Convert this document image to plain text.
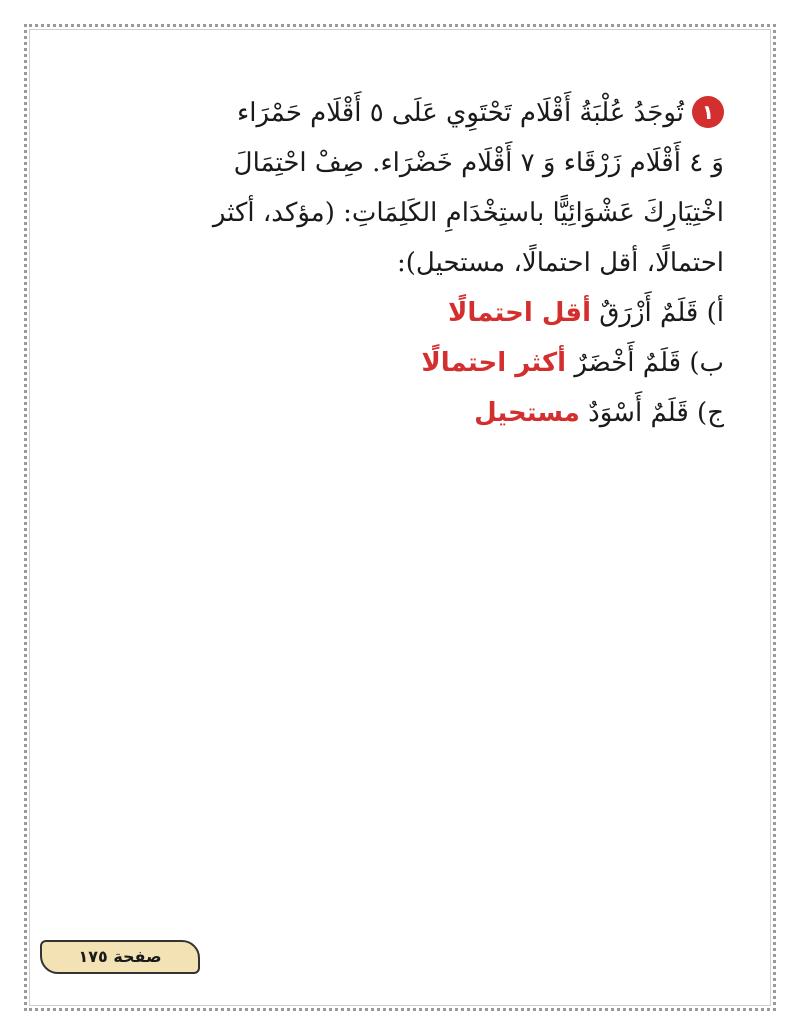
١تُوجَدُ عُلْبَةُ أَقْلَام تَحْتَوِي عَلَى ٥ أَقْلَام حَمْرَاء

وَ ٤ أَقْلَام زَرْقَاء وَ ٧ أَقْلَام خَضْرَاء. صِفْ احْتِمَالَ

اخْتِيَارِكَ عَشْوَائِيًّا باستِخْدَامِ الكَلِمَاتِ: (مؤكد، أكثر

احتمالًا، أقل احتمالًا، مستحيل):

أ) قَلَمٌ أَزْرَقٌ أقل احتمالًا

ب) قَلَمٌ أَخْضَرٌ أكثر احتمالًا

ج) قَلَمٌ أَسْوَدٌ مستحيل

صفحة ١٧٥
